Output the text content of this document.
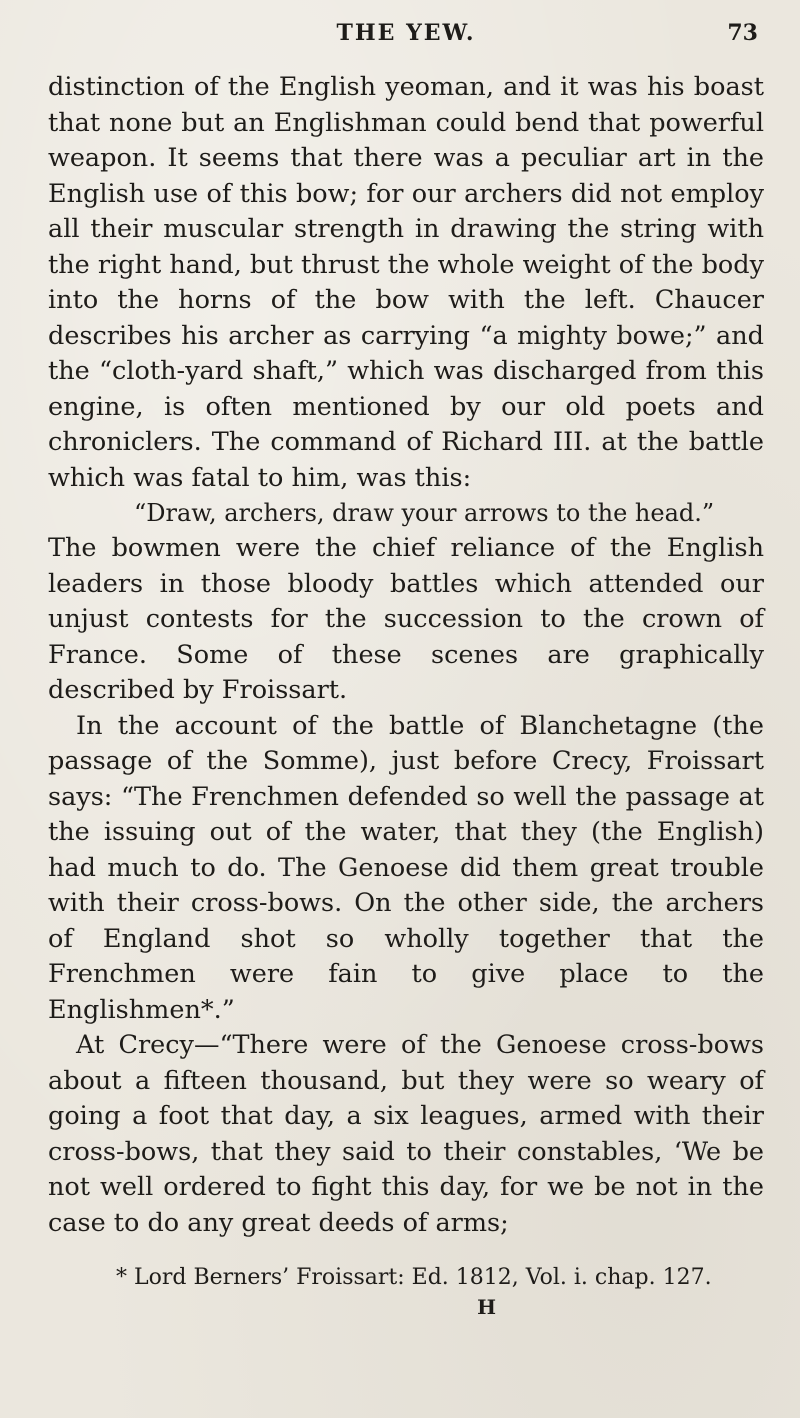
THE YEW.	73

distinction of the English yeoman, and it was his boast that none but an Englishman could bend that powerful weapon. It seems that there was a peculiar art in the English use of this bow; for our archers did not employ all their muscular strength in drawing the string with the right hand, but thrust the whole weight of the body into the horns of the bow with the left. Chaucer describes his archer as carrying “a mighty bowe;” and the “cloth-yard shaft,” which was discharged from this engine, is often mentioned by our old poets and chroniclers. The command of Richard III. at the battle which was fatal to him, was this:

“Draw, archers, draw your arrows to the head.”

The bowmen were the chief reliance of the English leaders in those bloody battles which attended our unjust contests for the succession to the crown of France. Some of these scenes are graphically described by Froissart.

In the account of the battle of Blanchetagne (the passage of the Somme), just before Crecy, Froissart says: “The Frenchmen defended so well the passage at the issuing out of the water, that they (the English) had much to do. The Genoese did them great trouble with their cross-bows. On the other side, the archers of England shot so wholly together that the Frenchmen were fain to give place to the Englishmen*.”

At Crecy—“There were of the Genoese cross-bows about a fifteen thousand, but they were so weary of going a foot that day, a six leagues, armed with their cross-bows, that they said to their constables, ‘We be not well ordered to fight this day, for we be not in the case to do any great deeds of arms;

* Lord Berners’ Froissart: Ed. 1812, Vol. i. chap. 127.
H
